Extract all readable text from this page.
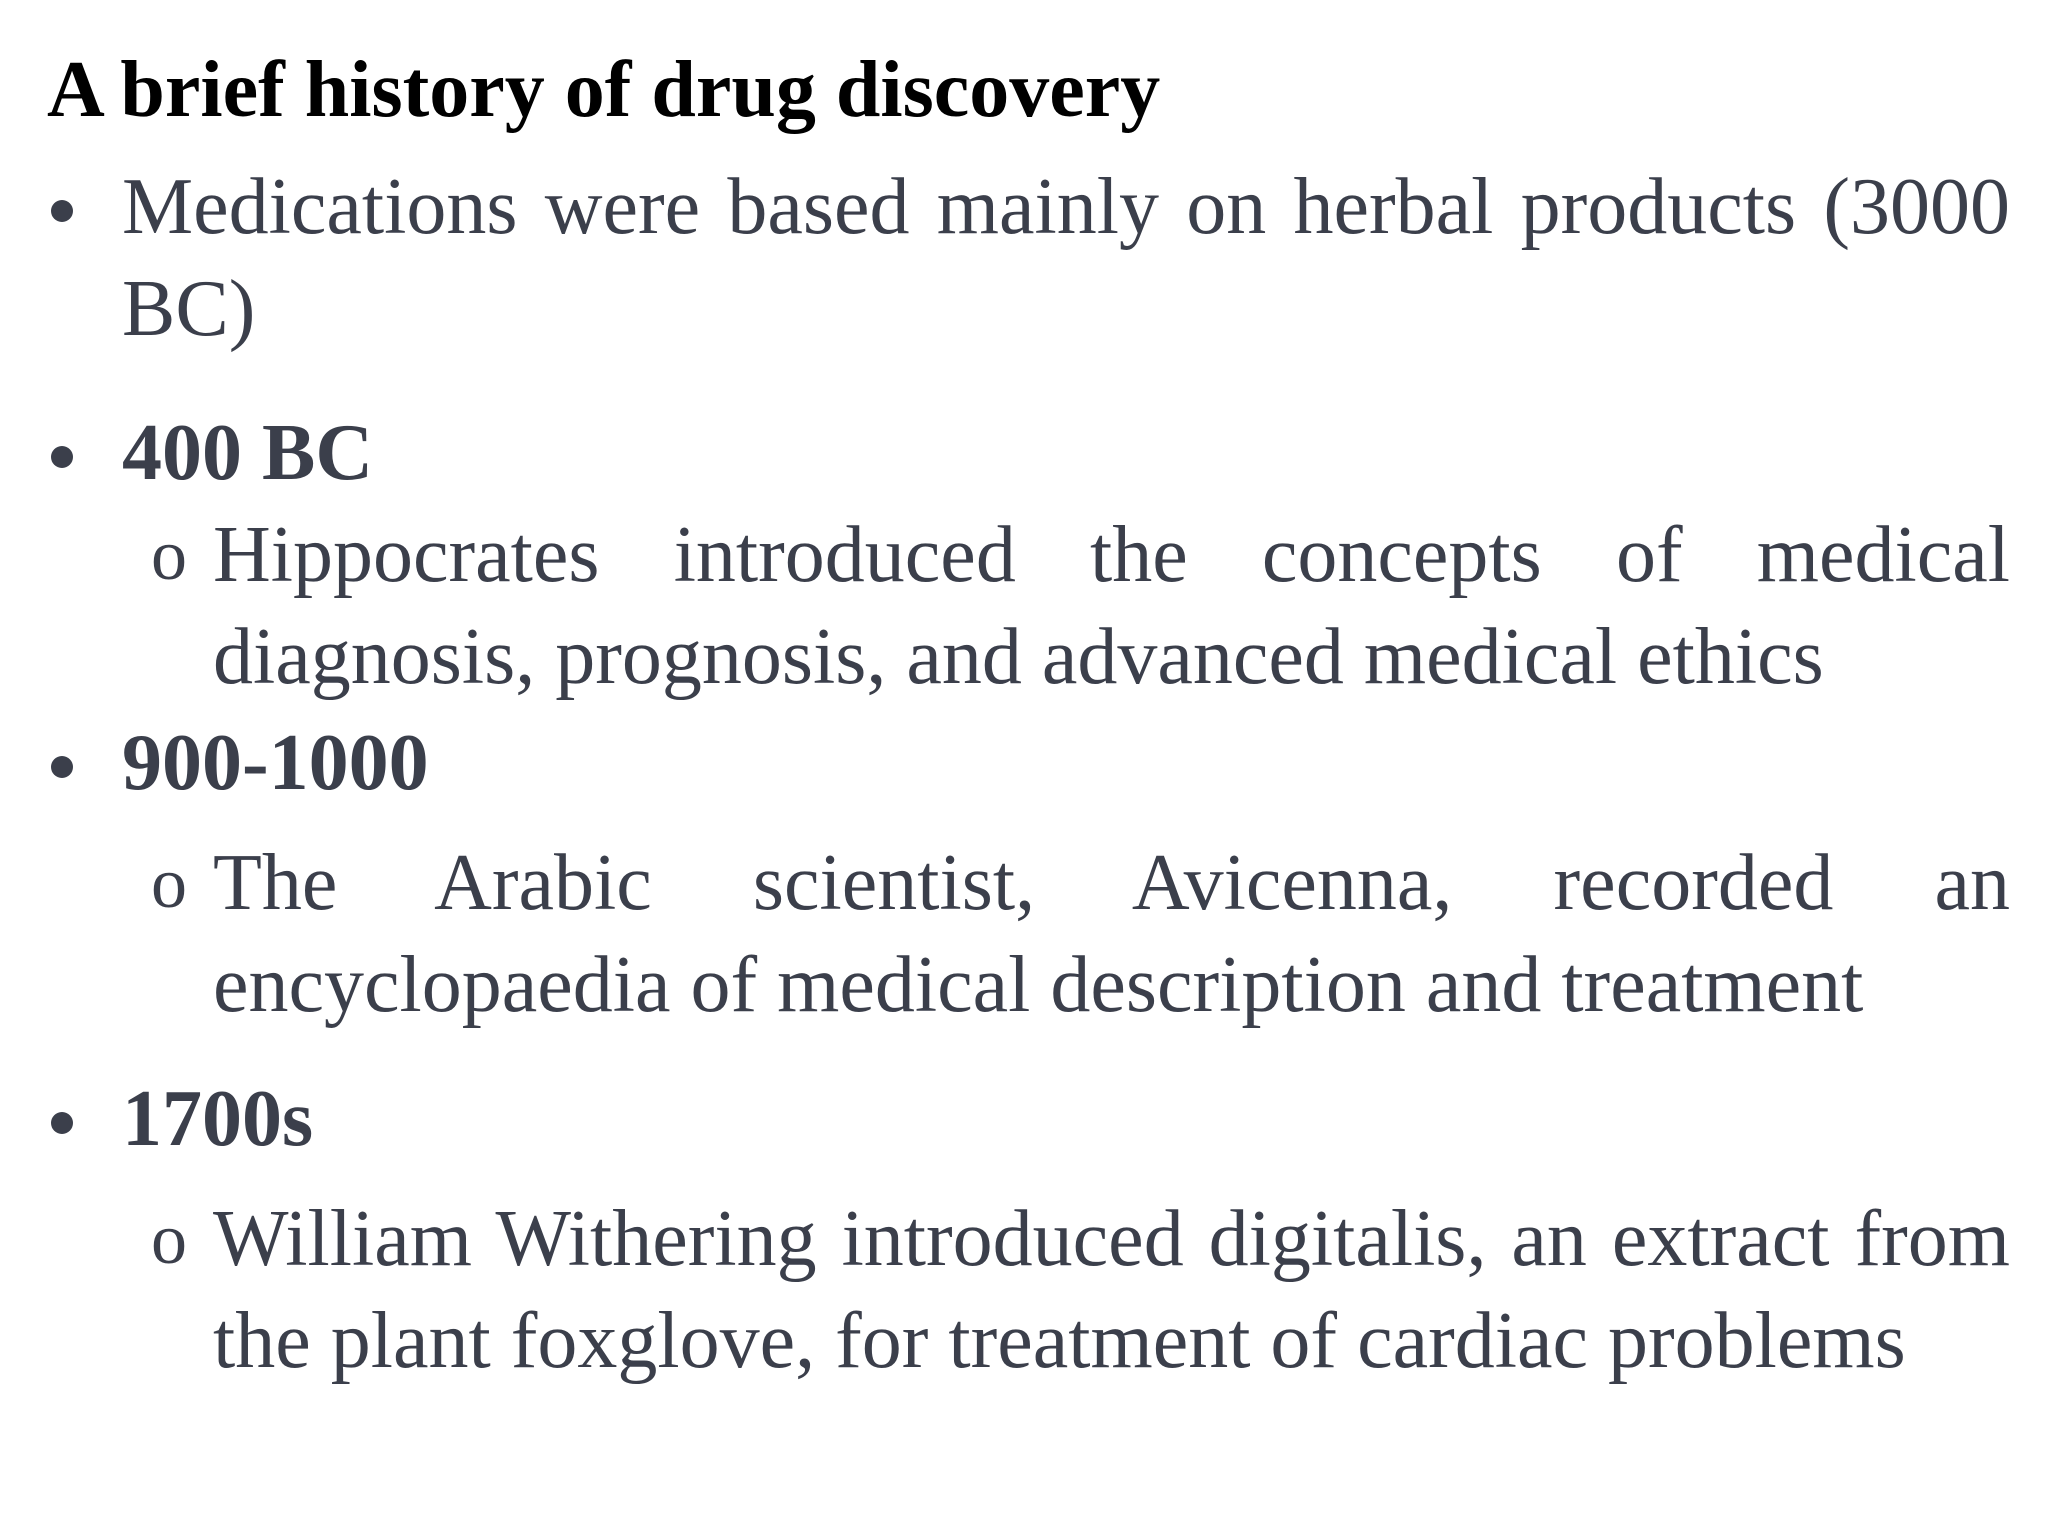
A brief history of drug discovery
Medications were based mainly on herbal products (3000 BC)
400 BC
o Hippocrates introduced the concepts of medical diagnosis, prognosis, and advanced medical ethics
900-1000
o The Arabic scientist, Avicenna, recorded an encyclopaedia of medical description and treatment
1700s
o William Withering introduced digitalis, an extract from the plant foxglove, for treatment of cardiac problems
